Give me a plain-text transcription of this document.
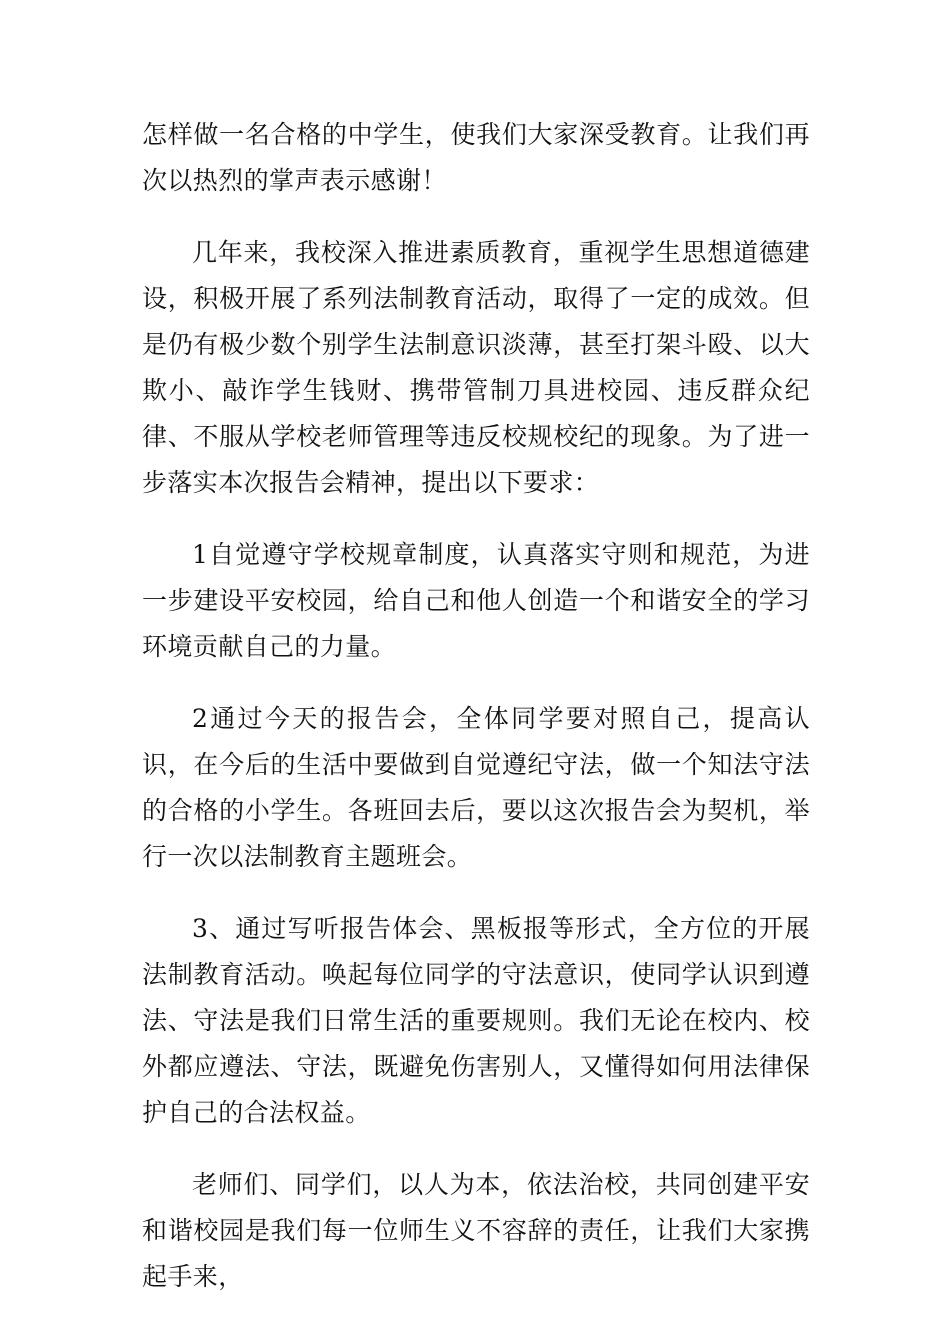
怎样做一名合格的中学生，使我们大家深受教育。让我们再次以热烈的掌声表示感谢！

几年来，我校深入推进素质教育，重视学生思想道德建设，积极开展了系列法制教育活动，取得了一定的成效。但是仍有极少数个别学生法制意识淡薄，甚至打架斗殴、以大欺小、敲诈学生钱财、携带管制刀具进校园、违反群众纪律、不服从学校老师管理等违反校规校纪的现象。为了进一步落实本次报告会精神，提出以下要求：

1自觉遵守学校规章制度，认真落实守则和规范，为进一步建设平安校园，给自己和他人创造一个和谐安全的学习环境贡献自己的力量。

2通过今天的报告会，全体同学要对照自己，提高认识，在今后的生活中要做到自觉遵纪守法，做一个知法守法的合格的小学生。各班回去后，要以这次报告会为契机，举行一次以法制教育主题班会。

3、通过写听报告体会、黑板报等形式，全方位的开展法制教育活动。唤起每位同学的守法意识，使同学认识到遵法、守法是我们日常生活的重要规则。我们无论在校内、校外都应遵法、守法，既避免伤害别人，又懂得如何用法律保护自己的合法权益。

老师们、同学们，以人为本，依法治校，共同创建平安和谐校园是我们每一位师生义不容辞的责任，让我们大家携起手来，
